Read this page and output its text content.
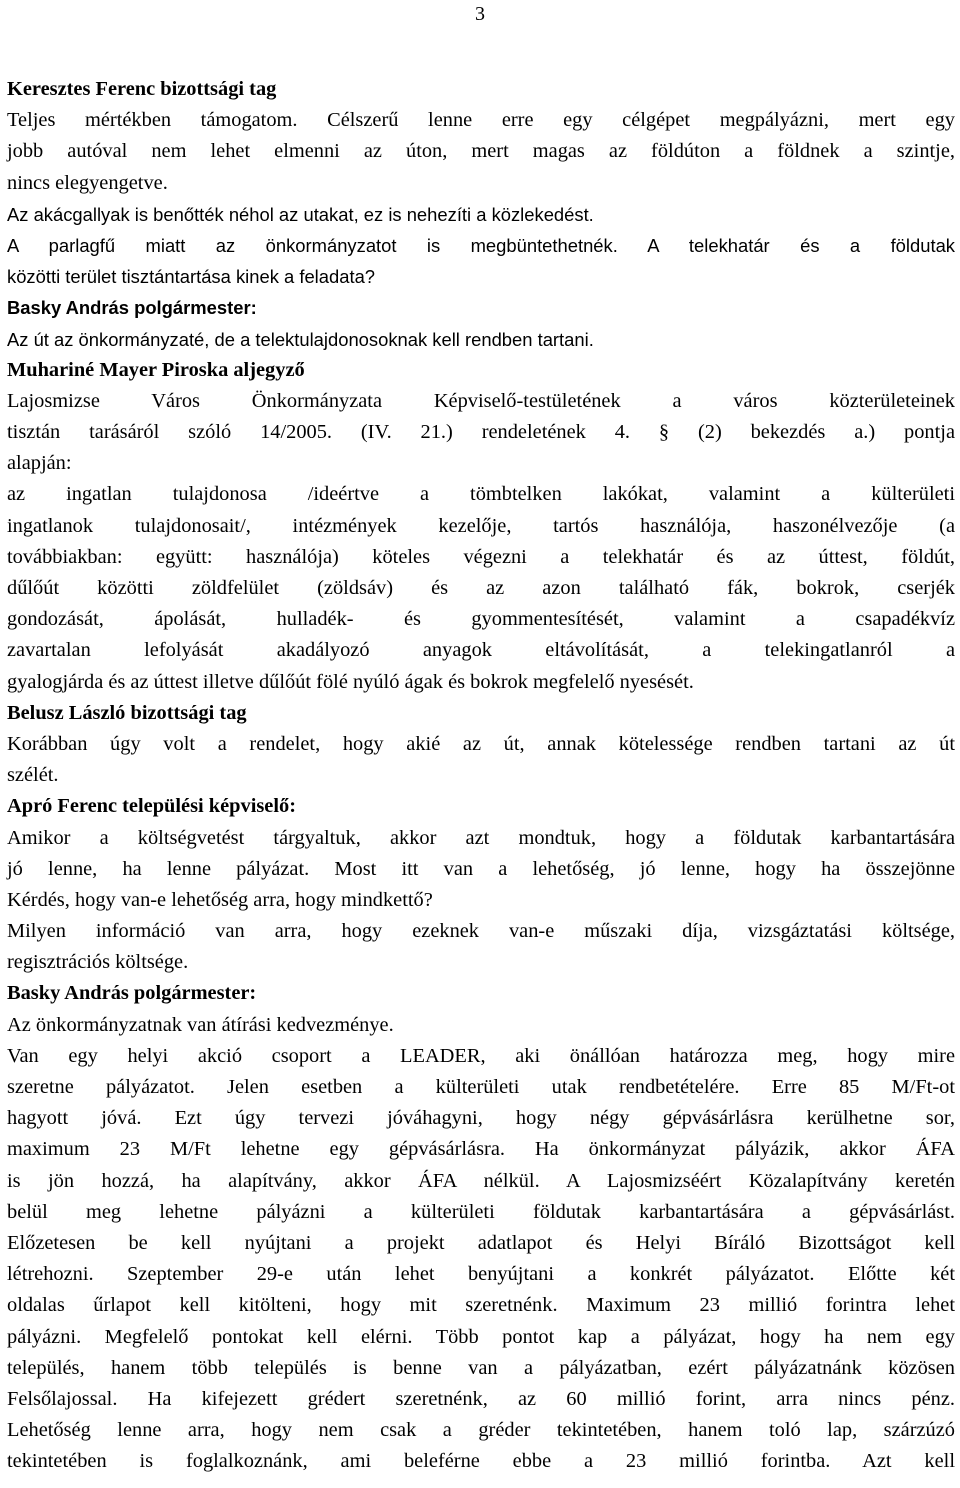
3
Keresztes Ferenc bizottsági tag
Teljes mértékben támogatom. Célszerű lenne erre egy célgépet megpályázni, mert egy
jobb autóval nem lehet elmenni az úton, mert magas az földúton a földnek a szintje,
nincs elegyengetve.
Az akácgallyak is benőtték néhol az utakat, ez is nehezíti a közlekedést.
A parlagfű miatt az önkormányzatot is megbüntethetnék. A telekhatár és a földutak
közötti terület tisztántartása kinek a feladata?
Basky András polgármester:
Az út az önkormányzaté, de a telektulajdonosoknak kell rendben tartani.
Muhariné Mayer Piroska aljegyző
Lajosmizse Város Önkormányzata Képviselő-testületének a város közterületeinek
tisztán tarásáról szóló 14/2005. (IV. 21.) rendeletének 4. § (2) bekezdés a.) pontja
alapján:
az ingatlan tulajdonosa /ideértve a tömbtelken lakókat, valamint a külterületi
ingatlanok tulajdonosait/, intézmények kezelője, tartós használója, haszonélvezője (a
továbbiakban: együtt: használója) köteles végezni a telekhatár és az úttest, földút,
dűlőút közötti zöldfelület (zöldsáv) és az azon található fák, bokrok, cserjék
gondozását, ápolását, hulladék- és gyommentesítését, valamint a csapadékvíz
zavartalan lefolyását akadályozó anyagok eltávolítását, a telekingatlanról a
gyalogjárda és az úttest illetve dűlőút fölé nyúló ágak és bokrok megfelelő nyesését.
Belusz László bizottsági tag
Korábban úgy volt a rendelet, hogy akié az út, annak kötelessége rendben tartani az út
szélét.
Apró Ferenc települési képviselő:
Amikor a költségvetést tárgyaltuk, akkor azt mondtuk, hogy a földutak karbantartására
jó lenne, ha lenne pályázat. Most itt van a lehetőség, jó lenne, hogy ha összejönne
Kérdés, hogy van-e lehetőség arra, hogy mindkettő?
Milyen információ van arra, hogy ezeknek van-e műszaki díja, vizsgáztatási költsége,
regisztrációs költsége.
Basky András polgármester:
Az önkormányzatnak van átírási kedvezménye.
Van egy helyi akció csoport a LEADER, aki önállóan határozza meg, hogy mire
szeretne pályázatot. Jelen esetben a külterületi utak rendbetételére. Erre 85 M/Ft-ot
hagyott jóvá. Ezt úgy tervezi jóváhagyni, hogy négy gépvásárlásra kerülhetne sor,
maximum 23 M/Ft lehetne egy gépvásárlásra. Ha önkormányzat pályázik, akkor ÁFA
is jön hozzá, ha alapítvány, akkor ÁFA nélkül. A Lajosmizséért Közalapítvány keretén
belül meg lehetne pályázni a külterületi földutak karbantartására a gépvásárlást.
Előzetesen be kell nyújtani a projekt adatlapot és Helyi Bíráló Bizottságot kell
létrehozni. Szeptember 29-e után lehet benyújtani a konkrét pályázatot. Előtte két
oldalas űrlapot kell kitölteni, hogy mit szeretnénk. Maximum 23 millió forintra lehet
pályázni. Megfelelő pontokat kell elérni. Több pontot kap a pályázat, hogy ha nem egy
település, hanem több település is benne van a pályázatban, ezért pályázatnánk közösen
Felsőlajossal. Ha kifejezett grédert szeretnénk, az 60 millió forint, arra nincs pénz.
Lehetőség lenne arra, hogy nem csak a gréder tekintetében, hanem toló lap, szárzúzó
tekintetében is foglalkoznánk, ami beleférne ebbe a 23 millió forintba. Azt kell
